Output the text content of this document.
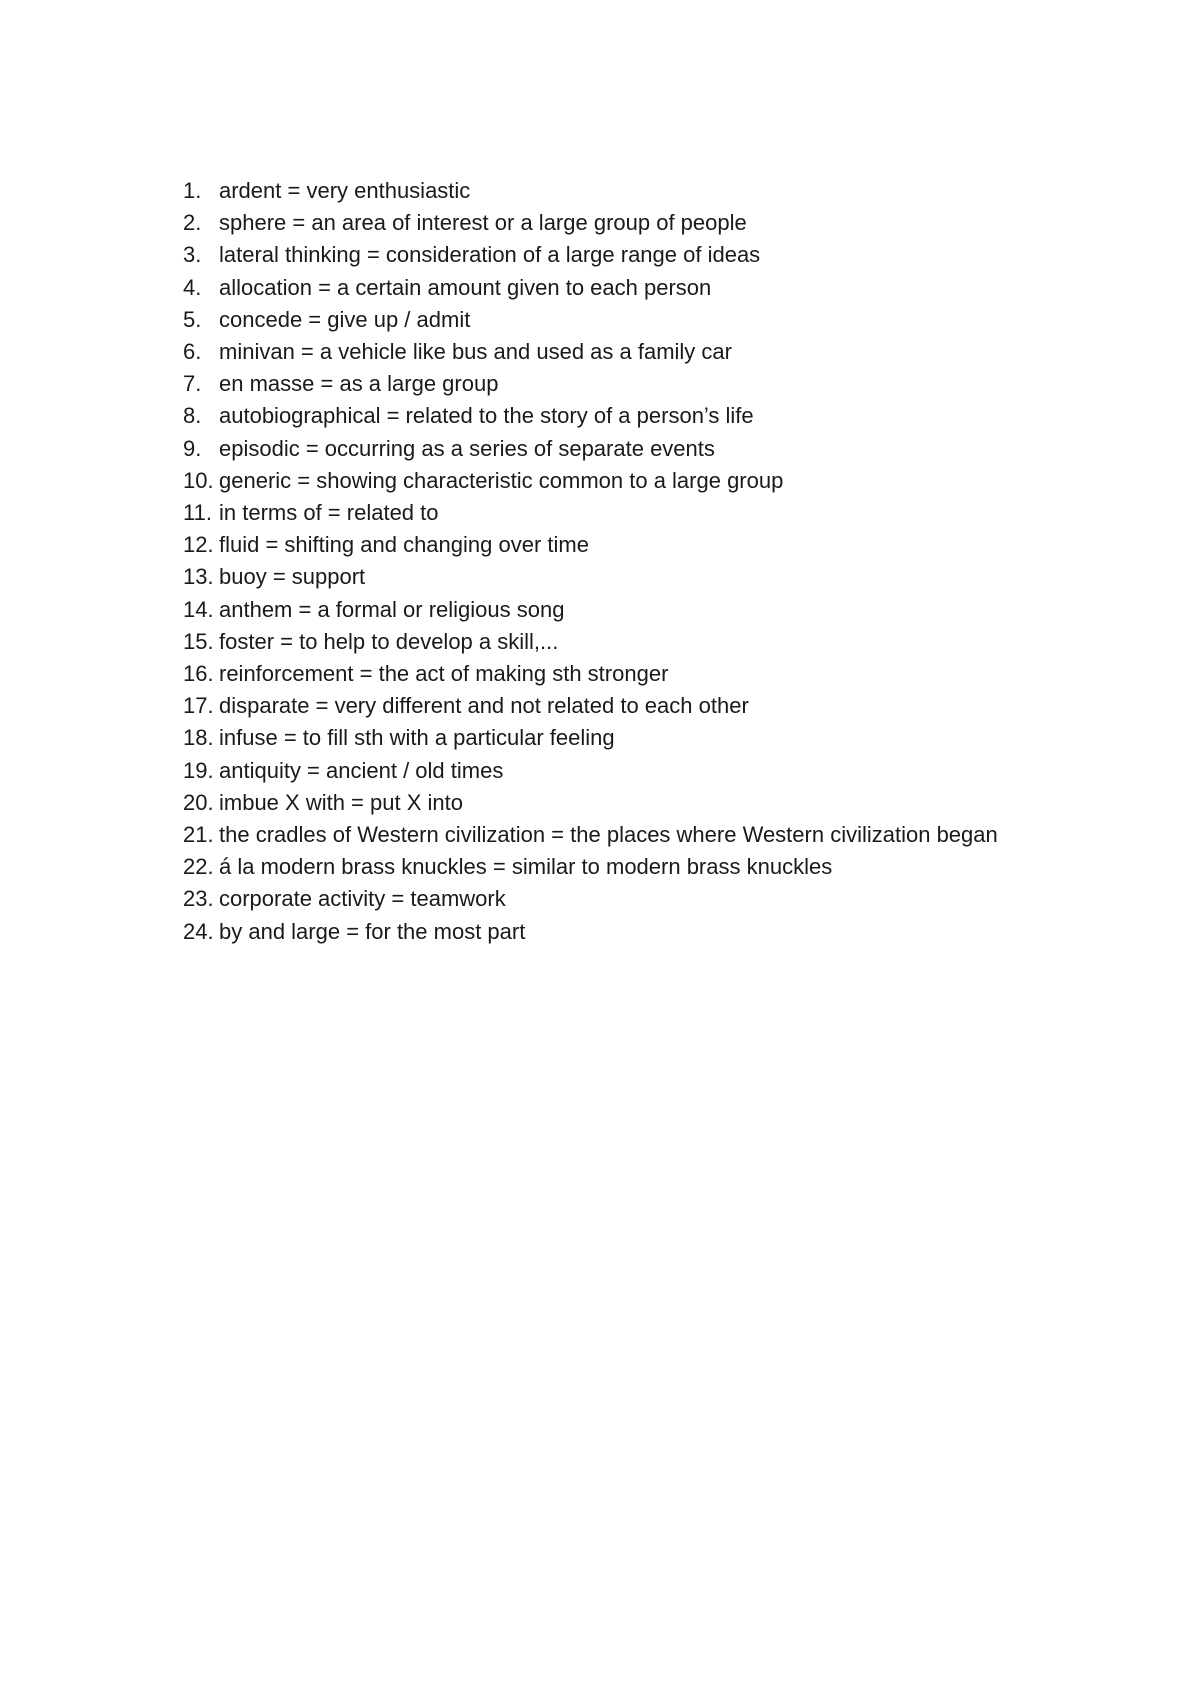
1. ardent = very enthusiastic
2. sphere = an area of interest or a large group of people
3. lateral thinking = consideration of a large range of ideas
4. allocation = a certain amount given to each person
5. concede = give up / admit
6. minivan = a vehicle like bus and used as a family car
7. en masse = as a large group
8. autobiographical = related to the story of a person’s life
9. episodic = occurring as a series of separate events
10. generic = showing characteristic common to a large group
11. in terms of = related to
12. fluid = shifting and changing over time
13. buoy = support
14. anthem = a formal or religious song
15. foster = to help to develop a skill,...
16. reinforcement = the act of making sth stronger
17. disparate = very different and not related to each other
18. infuse = to fill sth with a particular feeling
19. antiquity = ancient / old times
20. imbue X with = put X into
21. the cradles of Western civilization = the places where Western civilization began
22. á la modern brass knuckles = similar to modern brass knuckles
23. corporate activity = teamwork
24. by and large = for the most part
